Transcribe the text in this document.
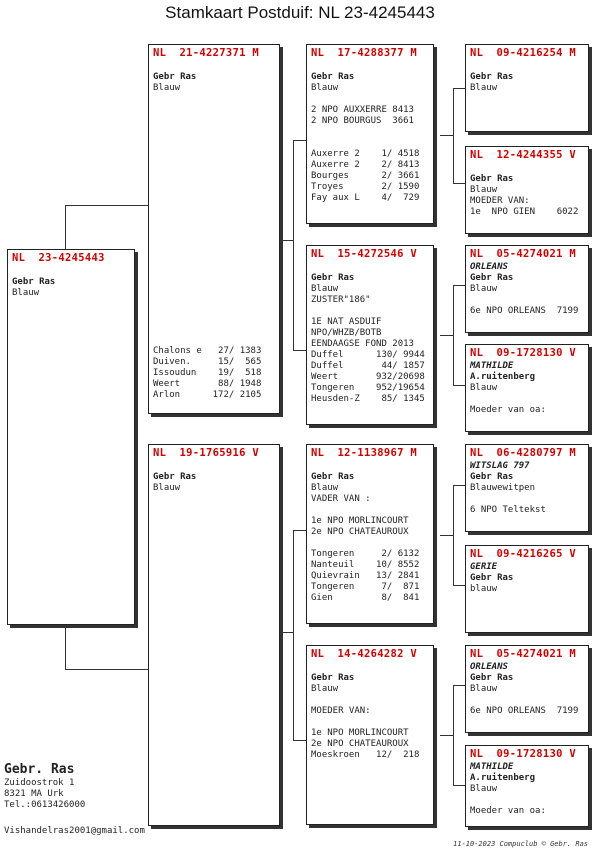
Stamkaart Postduif: NL 23-4245443
NL  23-4245443
Gebr Ras
Blauw
NL  21-4227371 M
Gebr Ras
Blauw
Chalons e   27/ 1383
Duiven.     15/  565
Issoudun    19/  518
Weert       88/ 1948
Arlon      172/ 2105
NL  19-1765916 V
Gebr Ras
Blauw
NL  17-4288377 M
Gebr Ras
Blauw
2 NPO AUXXERRE 8413
2 NPO BOURGUS  3661
Auxerre 2    1/ 4518
Auxerre 2    2/ 8413
Bourges      2/ 3661
Troyes       2/ 1590
Fay aux L    4/  729
NL  15-4272546 V
Gebr Ras
Blauw
ZUSTER"186"
1E NAT ASDUIF
NPO/WHZB/BOTB
EENDAAGSE FOND 2013
Duffel      130/ 9944
Duffel       44/ 1857
Weert       932/20698
Tongeren    952/19654
Heusden-Z    85/ 1345
NL  12-1138967 M
Gebr Ras
Blauw
VADER VAN :
1e NPO MORLINCOURT
2e NPO CHATEAUROUX
Tongeren     2/ 6132
Nanteuil    10/ 8552
Quievrain   13/ 2841
Tongeren     7/  871
Gien         8/  841
NL  14-4264282 V
Gebr Ras
Blauw
MOEDER VAN:
1e NPO MORLINCOURT
2e NPO CHATEAUROUX
Moeskroen   12/  218
NL  09-4216254 M
Gebr Ras
Blauw
NL  12-4244355 V
Gebr Ras
Blauw
MOEDER VAN:
1e  NPO GIEN    6022
NL  05-4274021 M
ORLEANS
Gebr Ras
Blauw
6e NPO ORLEANS  7199
NL  09-1728130 V
MATHILDE
A.ruitenberg
Blauw
Moeder van oa:
NL  06-4280797 M
WITSLAG 797
Gebr Ras
Blauwewitpen
6 NPO Teltekst
NL  09-4216265 V
GERIE
Gebr Ras
blauw
NL  05-4274021 M
ORLEANS
Gebr Ras
Blauw
6e NPO ORLEANS  7199
NL  09-1728130 V
MATHILDE
A.ruitenberg
Blauw
Moeder van oa:
Gebr. Ras
Zuidoostrok 1
8321 MA Urk
Tel.:0613426000
Vishandelras2001@gmail.com
11-10-2023 Compuclub © Gebr. Ras
